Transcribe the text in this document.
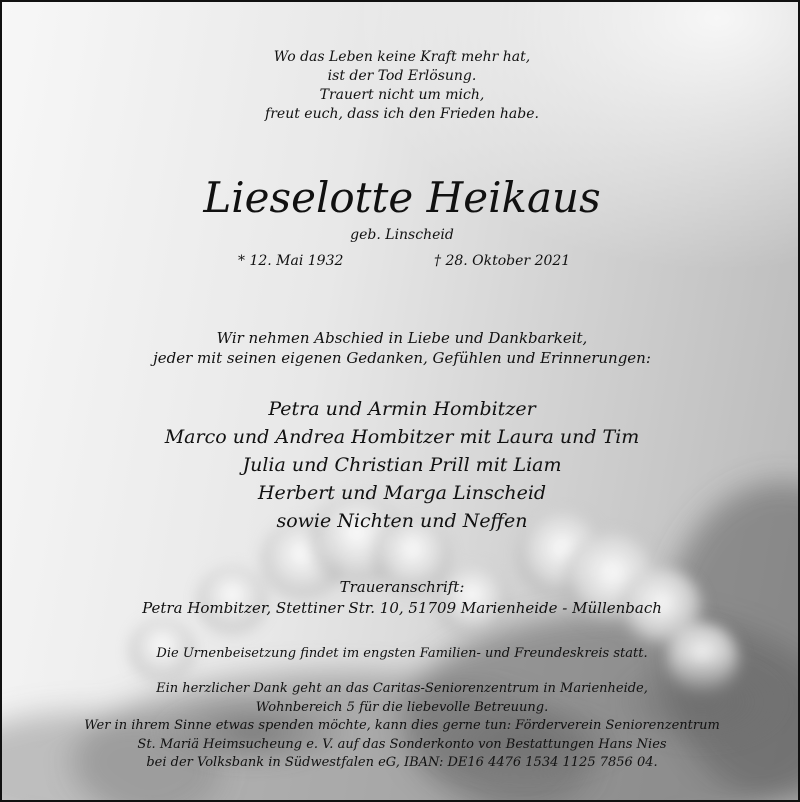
Wo das Leben keine Kraft mehr hat,
ist der Tod Erlösung.
Trauert nicht um mich,
freut euch, dass ich den Frieden habe.
Lieselotte Heikaus
geb. Linscheid
* 12. Mai 1932	† 28. Oktober 2021
Wir nehmen Abschied in Liebe und Dankbarkeit,
jeder mit seinen eigenen Gedanken, Gefühlen und Erinnerungen:
Petra und Armin Hombitzer
Marco und Andrea Hombitzer mit Laura und Tim
Julia und Christian Prill mit Liam
Herbert und Marga Linscheid
sowie Nichten und Neffen
Traueranschrift:
Petra Hombitzer, Stettiner Str. 10, 51709 Marienheide - Müllenbach
Die Urnenbeisetzung findet im engsten Familien- und Freundeskreis statt.
Ein herzlicher Dank geht an das Caritas-Seniorenzentrum in Marienheide,
Wohnbereich 5 für die liebevolle Betreuung.
Wer in ihrem Sinne etwas spenden möchte, kann dies gerne tun: Förderverein Seniorenzentrum
St. Mariä Heimsucheung e. V. auf das Sonderkonto von Bestattungen Hans Nies
bei der Volksbank in Südwestfalen eG, IBAN: DE16 4476 1534 1125 7856 04.
